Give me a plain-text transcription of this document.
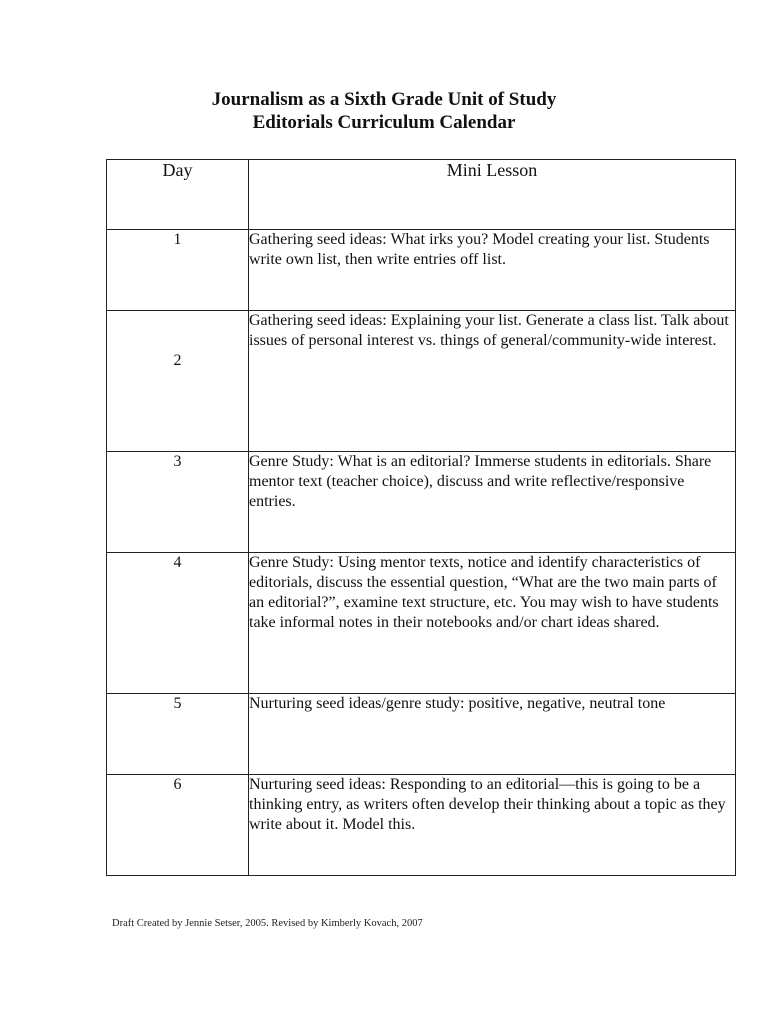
Journalism as a Sixth Grade Unit of Study
Editorials Curriculum Calendar
Day	Mini Lesson
1	Gathering seed ideas: What irks you? Model creating your list. Students write own list, then write entries off list.
2	Gathering seed ideas: Explaining your list. Generate a class list. Talk about issues of personal interest vs. things of general/community-wide interest.
3	Genre Study: What is an editorial? Immerse students in editorials. Share mentor text (teacher choice), discuss and write reflective/responsive entries.
4	Genre Study: Using mentor texts, notice and identify characteristics of editorials, discuss the essential question, “What are the two main parts of an editorial?”, examine text structure, etc. You may wish to have students take informal notes in their notebooks and/or chart ideas shared.
5	Nurturing seed ideas/genre study: positive, negative, neutral tone
6	Nurturing seed ideas: Responding to an editorial—this is going to be a thinking entry, as writers often develop their thinking about a topic as they write about it. Model this.
Draft Created by Jennie Setser, 2005. Revised by Kimberly Kovach, 2007
